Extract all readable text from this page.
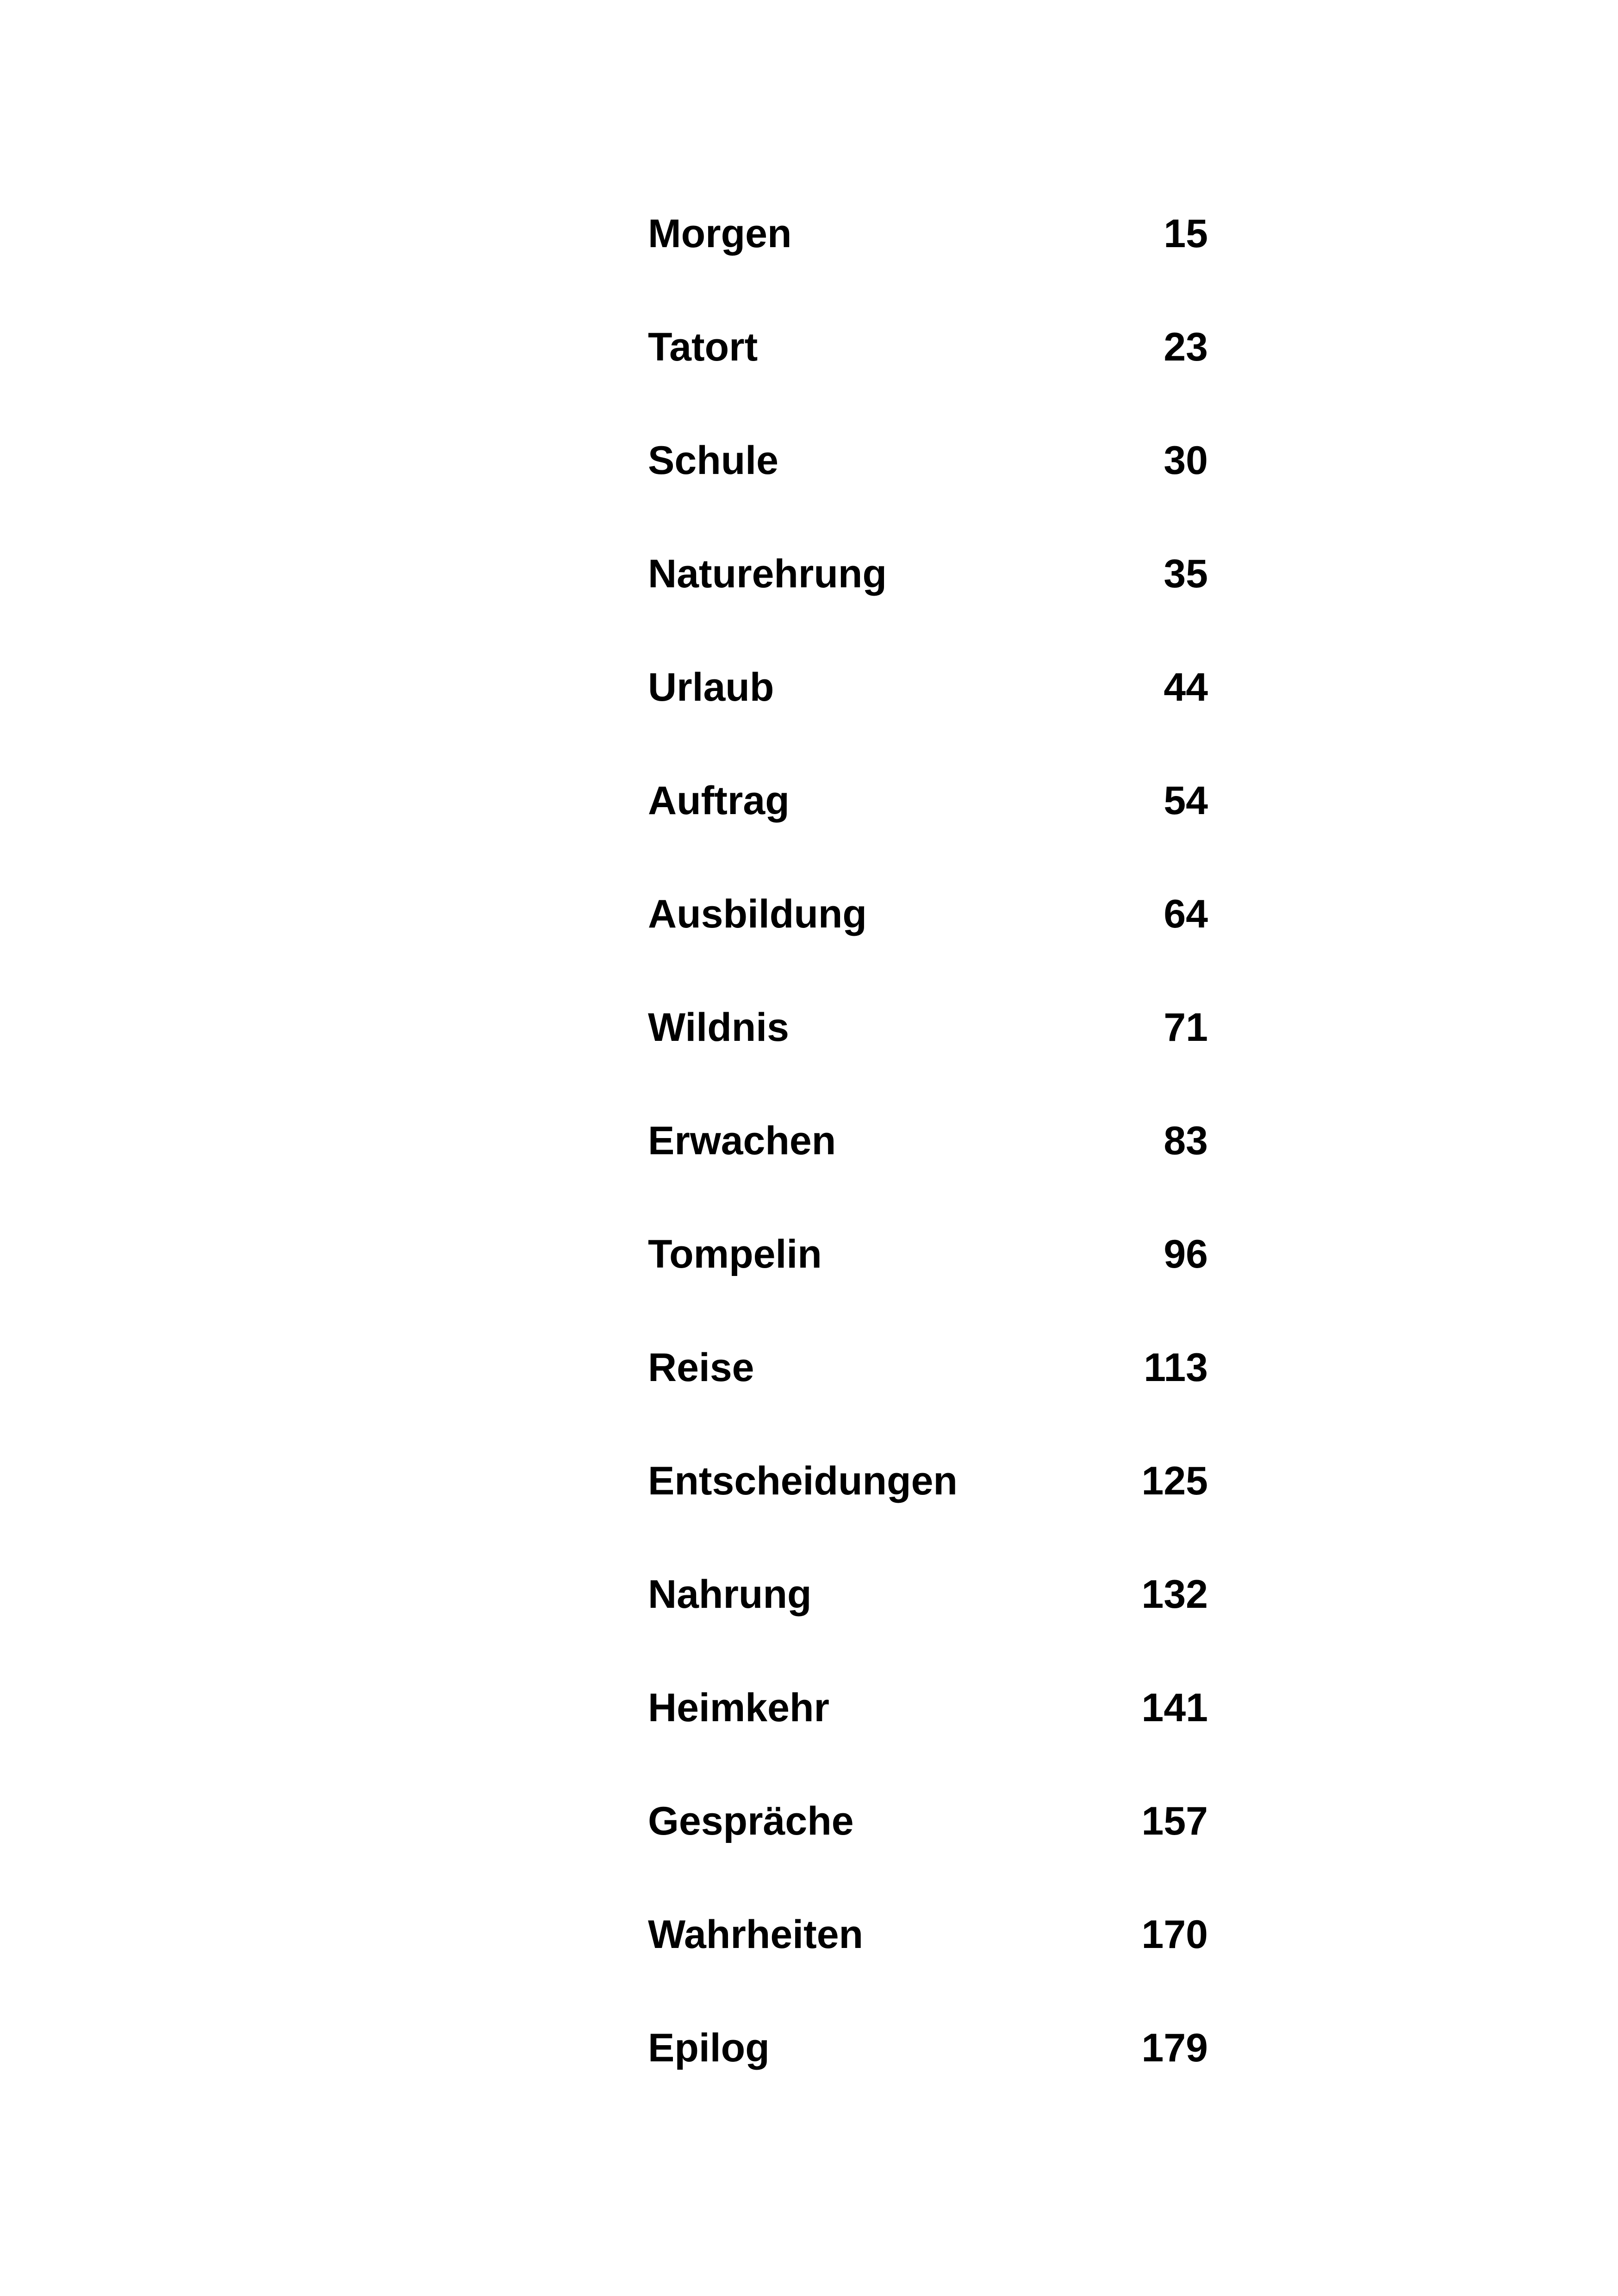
Morgen	15
Tatort	23
Schule	30
Naturehrung	35
Urlaub	44
Auftrag	54
Ausbildung	64
Wildnis	71
Erwachen	83
Tompelin	96
Reise	113
Entscheidungen	125
Nahrung	132
Heimkehr	141
Gespräche	157
Wahrheiten	170
Epilog	179
